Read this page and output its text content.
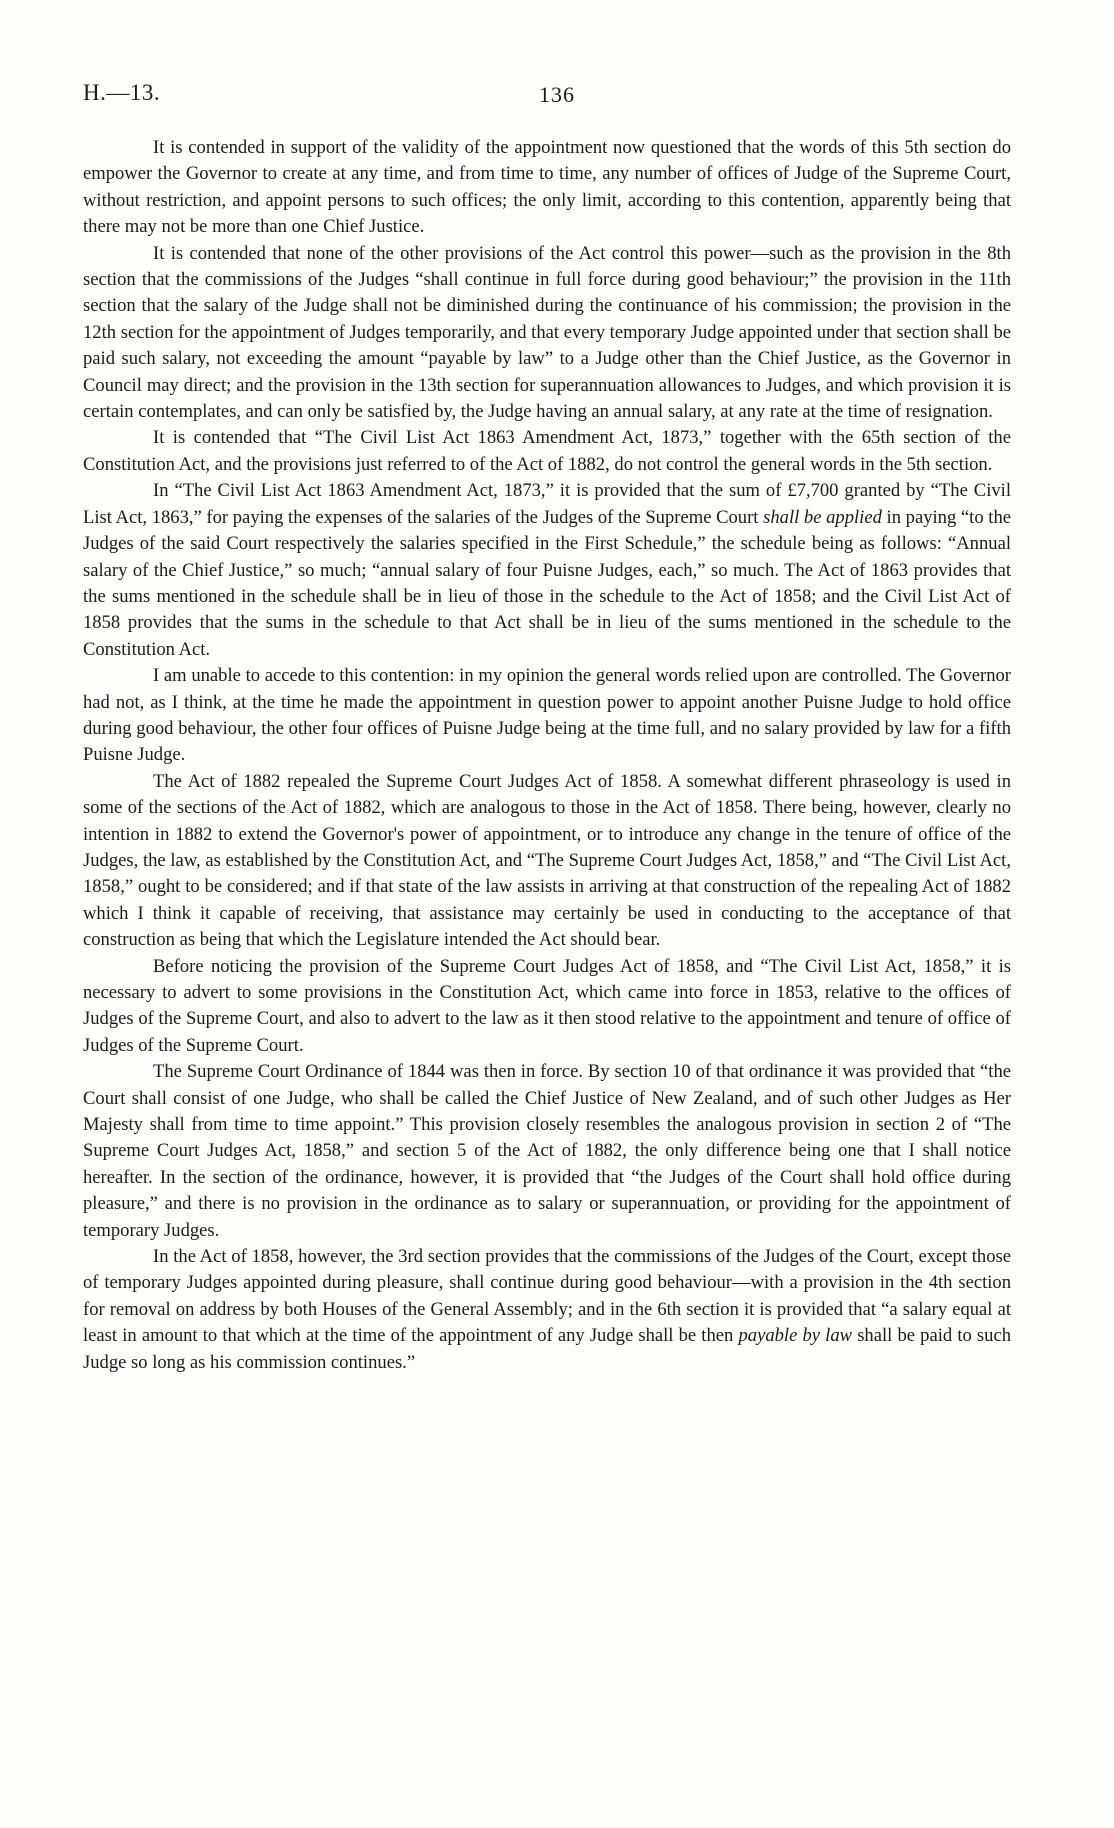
H.—13.	136

It is contended in support of the validity of the appointment now questioned that the words of this 5th section do empower the Governor to create at any time, and from time to time, any number of offices of Judge of the Supreme Court, without restriction, and appoint persons to such offices; the only limit, according to this contention, apparently being that there may not be more than one Chief Justice.

It is contended that none of the other provisions of the Act control this power—such as the provision in the 8th section that the commissions of the Judges “shall continue in full force during good behaviour;” the provision in the 11th section that the salary of the Judge shall not be diminished during the continuance of his commission; the provision in the 12th section for the appointment of Judges temporarily, and that every temporary Judge appointed under that section shall be paid such salary, not exceeding the amount “payable by law” to a Judge other than the Chief Justice, as the Governor in Council may direct; and the provision in the 13th section for superannuation allowances to Judges, and which provision it is certain contemplates, and can only be satisfied by, the Judge having an annual salary, at any rate at the time of resignation.

It is contended that “The Civil List Act 1863 Amendment Act, 1873,” together with the 65th section of the Constitution Act, and the provisions just referred to of the Act of 1882, do not control the general words in the 5th section.

In “The Civil List Act 1863 Amendment Act, 1873,” it is provided that the sum of £7,700 granted by “The Civil List Act, 1863,” for paying the expenses of the salaries of the Judges of the Supreme Court shall be applied in paying “to the Judges of the said Court respectively the salaries specified in the First Schedule,” the schedule being as follows: “Annual salary of the Chief Justice,” so much; “annual salary of four Puisne Judges, each,” so much. The Act of 1863 provides that the sums mentioned in the schedule shall be in lieu of those in the schedule to the Act of 1858; and the Civil List Act of 1858 provides that the sums in the schedule to that Act shall be in lieu of the sums mentioned in the schedule to the Constitution Act.

I am unable to accede to this contention: in my opinion the general words relied upon are controlled. The Governor had not, as I think, at the time he made the appointment in question power to appoint another Puisne Judge to hold office during good behaviour, the other four offices of Puisne Judge being at the time full, and no salary provided by law for a fifth Puisne Judge.

The Act of 1882 repealed the Supreme Court Judges Act of 1858. A somewhat different phraseology is used in some of the sections of the Act of 1882, which are analogous to those in the Act of 1858. There being, however, clearly no intention in 1882 to extend the Governor's power of appointment, or to introduce any change in the tenure of office of the Judges, the law, as established by the Constitution Act, and “The Supreme Court Judges Act, 1858,” and “The Civil List Act, 1858,” ought to be considered; and if that state of the law assists in arriving at that construction of the repealing Act of 1882 which I think it capable of receiving, that assistance may certainly be used in conducting to the acceptance of that construction as being that which the Legislature intended the Act should bear.

Before noticing the provision of the Supreme Court Judges Act of 1858, and “The Civil List Act, 1858,” it is necessary to advert to some provisions in the Constitution Act, which came into force in 1853, relative to the offices of Judges of the Supreme Court, and also to advert to the law as it then stood relative to the appointment and tenure of office of Judges of the Supreme Court.

The Supreme Court Ordinance of 1844 was then in force. By section 10 of that ordinance it was provided that “the Court shall consist of one Judge, who shall be called the Chief Justice of New Zealand, and of such other Judges as Her Majesty shall from time to time appoint.” This provision closely resembles the analogous provision in section 2 of “The Supreme Court Judges Act, 1858,” and section 5 of the Act of 1882, the only difference being one that I shall notice hereafter. In the section of the ordinance, however, it is provided that “the Judges of the Court shall hold office during pleasure,” and there is no provision in the ordinance as to salary or superannuation, or providing for the appointment of temporary Judges.

In the Act of 1858, however, the 3rd section provides that the commissions of the Judges of the Court, except those of temporary Judges appointed during pleasure, shall continue during good behaviour—with a provision in the 4th section for removal on address by both Houses of the General Assembly; and in the 6th section it is provided that “a salary equal at least in amount to that which at the time of the appointment of any Judge shall be then payable by law shall be paid to such Judge so long as his commission continues.”
